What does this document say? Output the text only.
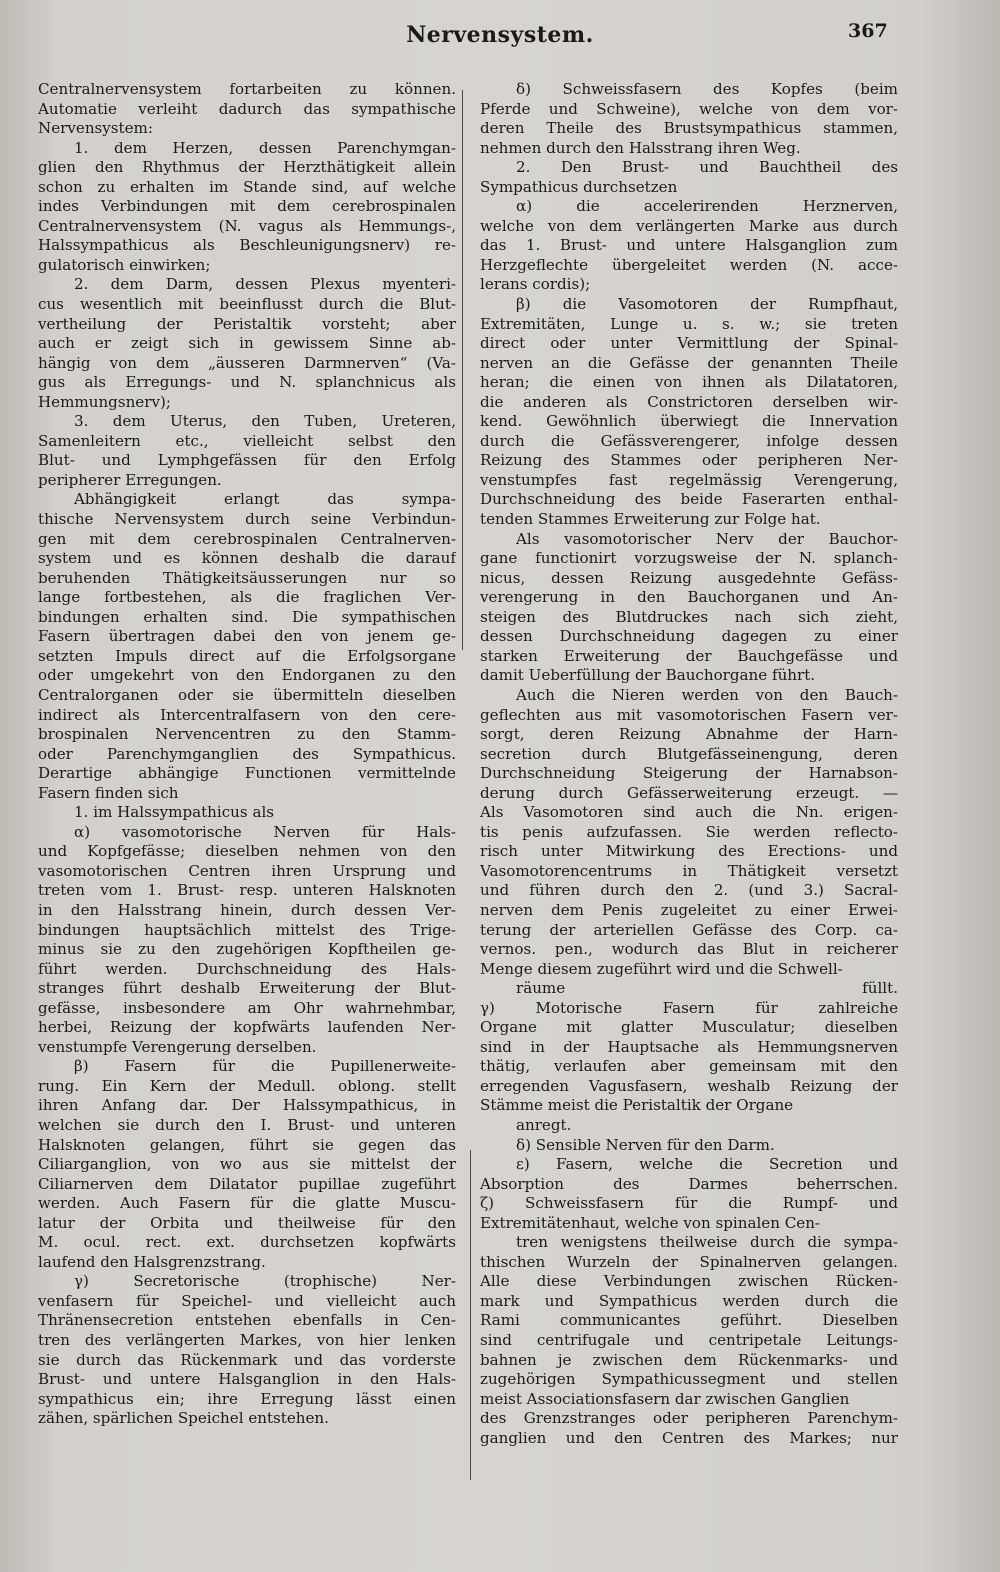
Nervensystem.	367

Centralnervensystem fortarbeiten zu können.

Automatie verleiht dadurch das sympathische

Nervensystem:

1. dem Herzen, dessen Parenchymgan-

glien den Rhythmus der Herzthätigkeit allein

schon zu erhalten im Stande sind, auf welche

indes Verbindungen mit dem cerebrospinalen

Centralnervensystem (N. vagus als Hemmungs-,

Halssympathicus als Beschleunigungsnerv) re-

gulatorisch einwirken;

2. dem Darm, dessen Plexus myenteri-

cus wesentlich mit beeinflusst durch die Blut-

vertheilung der Peristaltik vorsteht; aber

auch er zeigt sich in gewissem Sinne ab-

hängig von dem „äusseren Darmnerven“ (Va-

gus als Erregungs- und N. splanchnicus als

Hemmungsnerv);

3. dem Uterus, den Tuben, Ureteren,

Samenleitern etc., vielleicht selbst den

Blut- und Lymphgefässen für den Erfolg

peripherer Erregungen.

Abhängigkeit erlangt das sympa-

thische Nervensystem durch seine Verbindun-

gen mit dem cerebrospinalen Centralnerven-

system und es können deshalb die darauf

beruhenden Thätigkeitsäusserungen nur so

lange fortbestehen, als die fraglichen Ver-

bindungen erhalten sind. Die sympathischen

Fasern übertragen dabei den von jenem ge-

setzten Impuls direct auf die Erfolgsorgane

oder umgekehrt von den Endorganen zu den

Centralorganen oder sie übermitteln dieselben

indirect als Intercentralfasern von den cere-

brospinalen Nervencentren zu den Stamm-

oder Parenchymganglien des Sympathicus.

Derartige abhängige Functionen vermittelnde

Fasern finden sich

1. im Halssympathicus als

α) vasomotorische Nerven für Hals-

und Kopfgefässe; dieselben nehmen von den

vasomotorischen Centren ihren Ursprung und

treten vom 1. Brust- resp. unteren Halsknoten

in den Halsstrang hinein, durch dessen Ver-

bindungen hauptsächlich mittelst des Trige-

minus sie zu den zugehörigen Kopftheilen ge-

führt werden. Durchschneidung des Hals-

stranges führt deshalb Erweiterung der Blut-

gefässe, insbesondere am Ohr wahrnehmbar,

herbei, Reizung der kopfwärts laufenden Ner-

venstumpfe Verengerung derselben.

β) Fasern für die Pupillenerweite-

rung. Ein Kern der Medull. oblong. stellt

ihren Anfang dar. Der Halssympathicus, in

welchen sie durch den I. Brust- und unteren

Halsknoten gelangen, führt sie gegen das

Ciliarganglion, von wo aus sie mittelst der

Ciliarnerven dem Dilatator pupillae zugeführt

werden. Auch Fasern für die glatte Muscu-

latur der Orbita und theilweise für den

M. ocul. rect. ext. durchsetzen kopfwärts

laufend den Halsgrenzstrang.

γ) Secretorische (trophische) Ner-

venfasern für Speichel- und vielleicht auch

Thränensecretion entstehen ebenfalls in Cen-

tren des verlängerten Markes, von hier lenken

sie durch das Rückenmark und das vorderste

Brust- und untere Halsganglion in den Hals-

sympathicus ein; ihre Erregung lässt einen

zähen, spärlichen Speichel entstehen.

δ) Schweissfasern des Kopfes (beim

Pferde und Schweine), welche von dem vor-

deren Theile des Brustsympathicus stammen,

nehmen durch den Halsstrang ihren Weg.

2. Den Brust- und Bauchtheil des

Sympathicus durchsetzen

α) die accelerirenden Herznerven,

welche von dem verlängerten Marke aus durch

das 1. Brust- und untere Halsganglion zum

Herzgeflechte übergeleitet werden (N. acce-

lerans cordis);

β) die Vasomotoren der Rumpfhaut,

Extremitäten, Lunge u. s. w.; sie treten

direct oder unter Vermittlung der Spinal-

nerven an die Gefässe der genannten Theile

heran; die einen von ihnen als Dilatatoren,

die anderen als Constrictoren derselben wir-

kend. Gewöhnlich überwiegt die Innervation

durch die Gefässverengerer, infolge dessen

Reizung des Stammes oder peripheren Ner-

venstumpfes fast regelmässig Verengerung,

Durchschneidung des beide Faserarten enthal-

tenden Stammes Erweiterung zur Folge hat.

Als vasomotorischer Nerv der Bauchor-

gane functionirt vorzugsweise der N. splanch-

nicus, dessen Reizung ausgedehnte Gefäss-

verengerung in den Bauchorganen und An-

steigen des Blutdruckes nach sich zieht,

dessen Durchschneidung dagegen zu einer

starken Erweiterung der Bauchgefässe und

damit Ueberfüllung der Bauchorgane führt.

Auch die Nieren werden von den Bauch-

geflechten aus mit vasomotorischen Fasern ver-

sorgt, deren Reizung Abnahme der Harn-

secretion durch Blutgefässeinengung, deren

Durchschneidung Steigerung der Harnabson-

derung durch Gefässerweiterung erzeugt. —

Als Vasomotoren sind auch die Nn. erigen-

tis penis aufzufassen. Sie werden reflecto-

risch unter Mitwirkung des Erections- und

Vasomotorencentrums in Thätigkeit versetzt

und führen durch den 2. (und 3.) Sacral-

nerven dem Penis zugeleitet zu einer Erwei-

terung der arteriellen Gefässe des Corp. ca-

vernos. pen., wodurch das Blut in reicherer

Menge diesem zugeführt wird und die Schwell-

räume füllt.

γ) Motorische Fasern für zahlreiche

Organe mit glatter Musculatur; dieselben

sind in der Hauptsache als Hemmungsnerven

thätig, verlaufen aber gemeinsam mit den

erregenden Vagusfasern, weshalb Reizung der

Stämme meist die Peristaltik der Organe

anregt.

δ) Sensible Nerven für den Darm.

ε) Fasern, welche die Secretion und

Absorption des Darmes beherrschen.

ζ) Schweissfasern für die Rumpf- und

Extremitätenhaut, welche von spinalen Cen-

tren wenigstens theilweise durch die sympa-

thischen Wurzeln der Spinalnerven gelangen.

Alle diese Verbindungen zwischen Rücken-

mark und Sympathicus werden durch die

Rami communicantes geführt. Dieselben

sind centrifugale und centripetale Leitungs-

bahnen je zwischen dem Rückenmarks- und

zugehörigen Sympathicussegment und stellen

meist Associationsfasern dar zwischen Ganglien

des Grenzstranges oder peripheren Parenchym-

ganglien und den Centren des Markes; nur
